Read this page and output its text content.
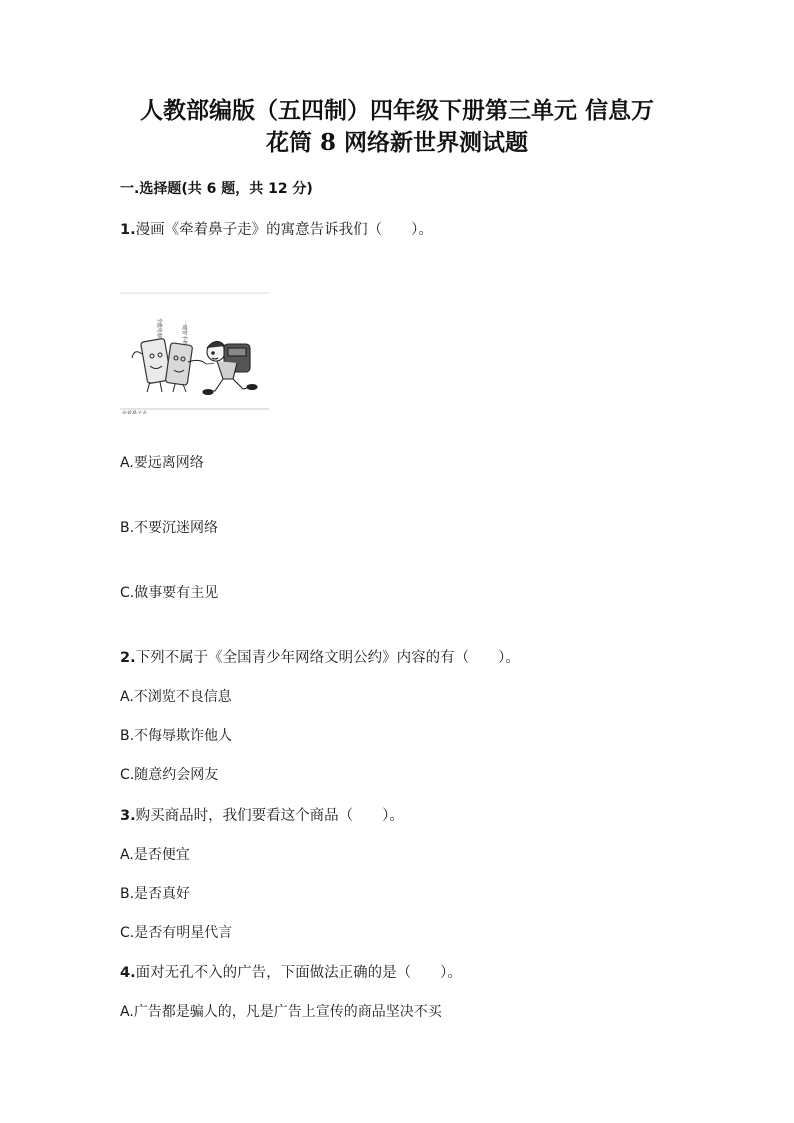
人教部编版（五四制）四年级下册第三单元 信息万
花筒 8 网络新世界测试题
一.选择题(共 6 题，共 12 分)
1.漫画《牵着鼻子走》的寓意告诉我们（　　）。
全能电脑	一键智手机
牵着鼻子走
A.要远离网络
B.不要沉迷网络
C.做事要有主见
2.下列不属于《全国青少年网络文明公约》内容的有（　　）。
A.不浏览不良信息
B.不侮辱欺诈他人
C.随意约会网友
3.购买商品时，我们要看这个商品（　　）。
A.是否便宜
B.是否真好
C.是否有明星代言
4.面对无孔不入的广告，下面做法正确的是（　　）。
A.广告都是骗人的，凡是广告上宣传的商品坚决不买
